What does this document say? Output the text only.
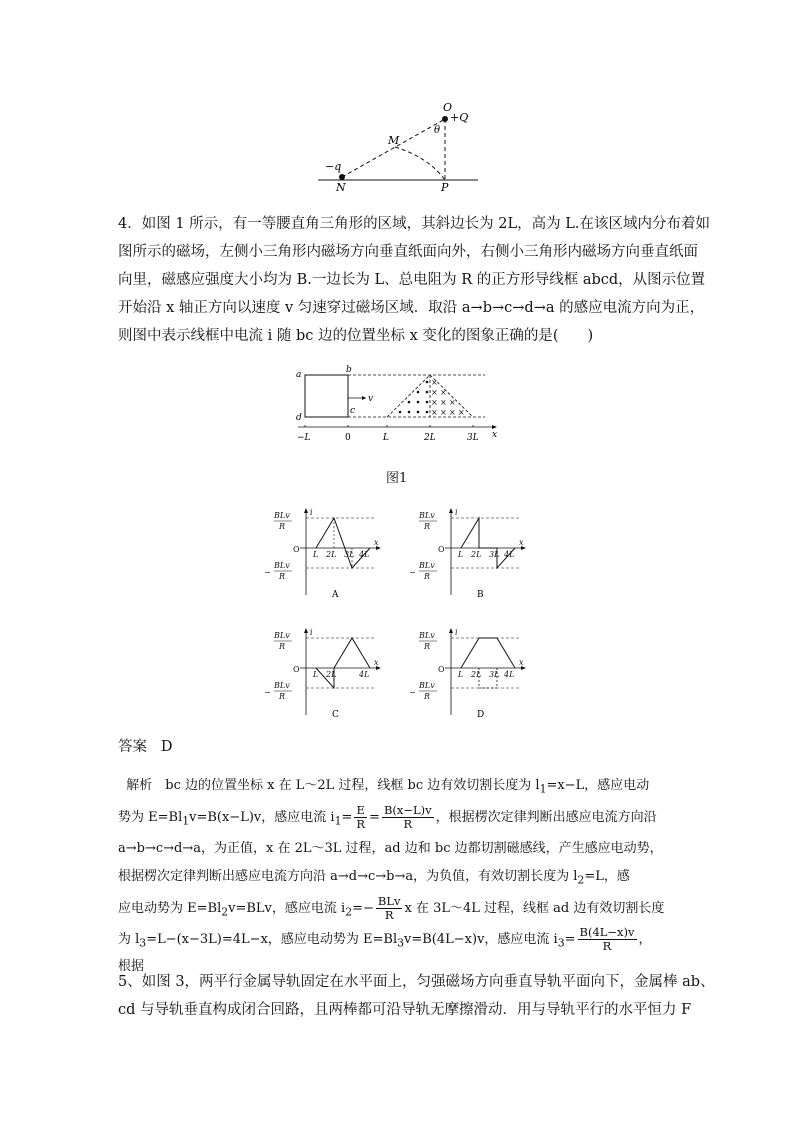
O
+Q
θ
M
−q
N	P
4．如图 1 所示，有一等腰直角三角形的区域，其斜边长为 2L，高为 L.在该区域内分布着如
图所示的磁场，左侧小三角形内磁场方向垂直纸面向外，右侧小三角形内磁场方向垂直纸面
向里，磁感应强度大小均为 B.一边长为 L、总电阻为 R 的正方形导线框 abcd，从图示位置
开始沿 x 轴正方向以速度 v 匀速穿过磁场区域．取沿 a→b→c→d→a 的感应电流方向为正，
则图中表示线框中电流 i 随 bc 边的位置坐标 x 变化的图象正确的是(　　)
× × × ×
× × ×
× ×
×
v
a	b
c
d
x
−L	0	L	2L	3L
图1
BLv
R
i
x
O
−
BLv
R
L 2L 3L 4L
A
BLv
R
i
x
O
−
BLv
R
L 2L 3L 4L
B
BLv
R
i
x
O
−
BLv
R
L 2L	4L
C
BLv
R
i
x
O
−
BLv
R
L 2L 3L 4L
D
答案 D
解析　bc 边的位置坐标 x 在 L～2L 过程，线框 bc 边有效切割长度为 $l_1=x-L$，感应电动
势为 $E=Bl_1v=B(x-L)v$，感应电流 $i_1= \frac{E}{R} = \frac{B(x-L)v}{R}$ ，根据楞次定律判断出感应电流方向沿
a→b→c→d→a，为正值，x 在 2L～3L 过程，ad 边和 bc 边都切割磁感线，产生感应电动势，
根据楞次定律判断出感应电流方向沿 a→d→c→b→a，为负值，有效切割长度为 $l_2=L$，感
应电动势为 $E=Bl_2v=BLv$，感应电流 $i_2=- \frac{\text{BLv}}{R}$ x 在 3L～4L 过程，线框 ad 边有效切割长度
为 $l_3=L-(x-3L)=4L-x$，感应电动势为 $E=Bl_3v=B(4L-x)v$，感应电流 $i_3= \frac{B(4L-x)v}{R}$ ，
根据
5、如图 3，两平行金属导轨固定在水平面上，匀强磁场方向垂直导轨平面向下，金属棒 ab、
cd 与导轨垂直构成闭合回路，且两棒都可沿导轨无摩擦滑动．用与导轨平行的水平恒力 F
